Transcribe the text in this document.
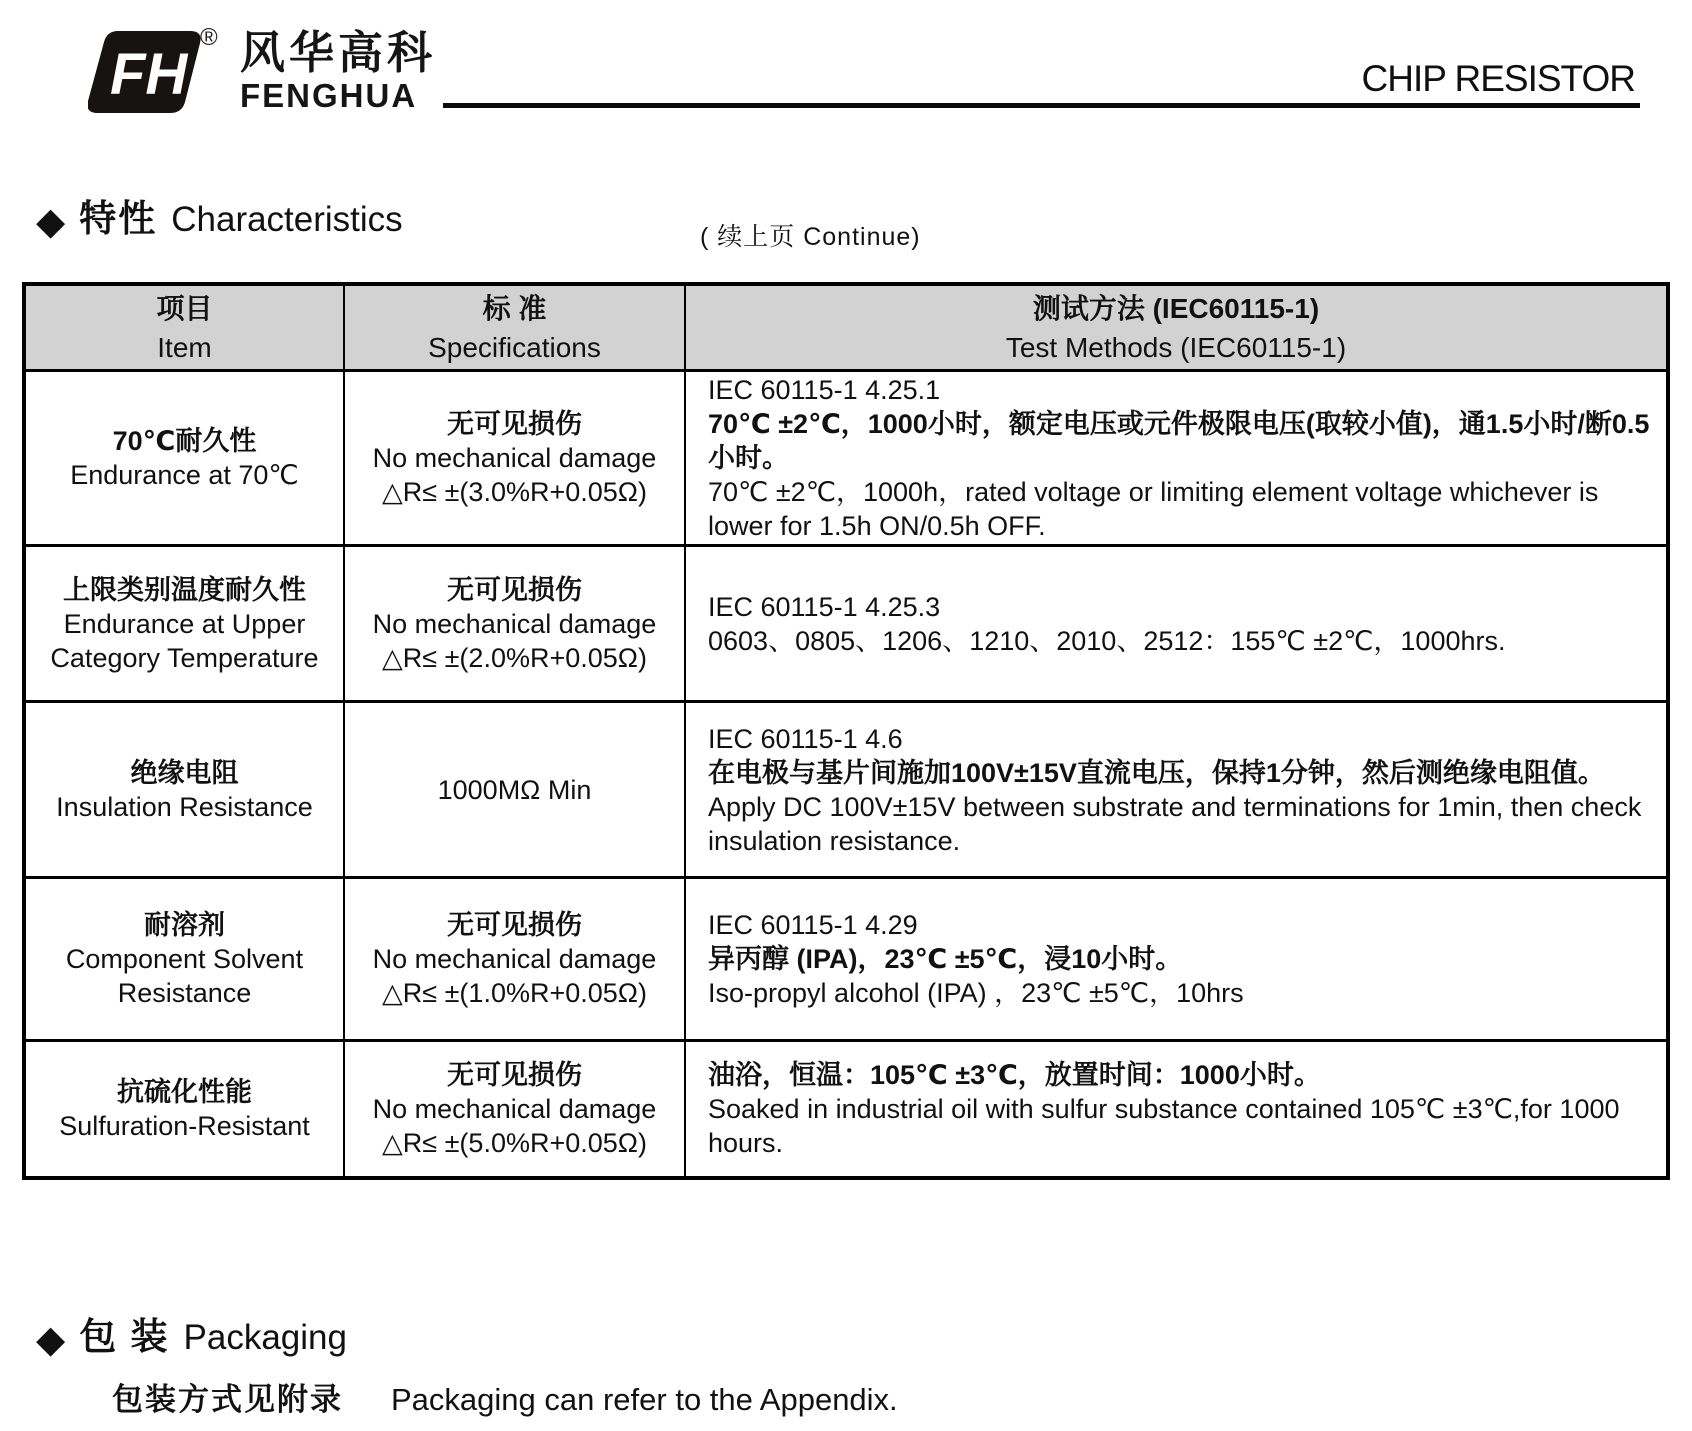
FH
® 风华高科
FENGHUA	CHIP RESISTOR
◆ 特性 Characteristics	( 续上页 Continue)
项目
Item
标 准
Specifications
测试方法 (IEC60115-1)
Test Methods (IEC60115-1)
70℃耐久性
Endurance at 70℃
无可见损伤
No mechanical damage
△R≤ ±(3.0%R+0.05Ω)
IEC 60115-1 4.25.1
70℃ ±2℃，1000小时，额定电压或元件极限电压(取较小值)，通1.5小时/断0.5小时。
70℃ ±2℃，1000h，rated voltage or limiting element voltage whichever is lower for 1.5h ON/0.5h OFF.
上限类别温度耐久性
Endurance at Upper Category Temperature
无可见损伤
No mechanical damage
△R≤ ±(2.0%R+0.05Ω)
IEC 60115-1 4.25.3
0603、0805、1206、1210、2010、2512：155℃ ±2℃，1000hrs.
绝缘电阻
Insulation Resistance
1000MΩ Min
IEC 60115-1 4.6
在电极与基片间施加100V±15V直流电压，保持1分钟，然后测绝缘电阻值。
Apply DC 100V±15V between substrate and terminations for 1min, then check insulation resistance.
耐溶剂
Component Solvent Resistance
无可见损伤
No mechanical damage
△R≤ ±(1.0%R+0.05Ω)
IEC 60115-1 4.29
异丙醇 (IPA)，23℃ ±5℃，浸10小时。
Iso-propyl alcohol (IPA) ，23℃ ±5℃，10hrs
抗硫化性能
Sulfuration-Resistant
无可见损伤
No mechanical damage
△R≤ ±(5.0%R+0.05Ω)
油浴，恒温：105℃ ±3℃，放置时间：1000小时。
Soaked in industrial oil with sulfur substance contained 105℃ ±3℃,for 1000 hours.
◆ 包 装 Packaging
包装方式见附录 Packaging can refer to the Appendix.
